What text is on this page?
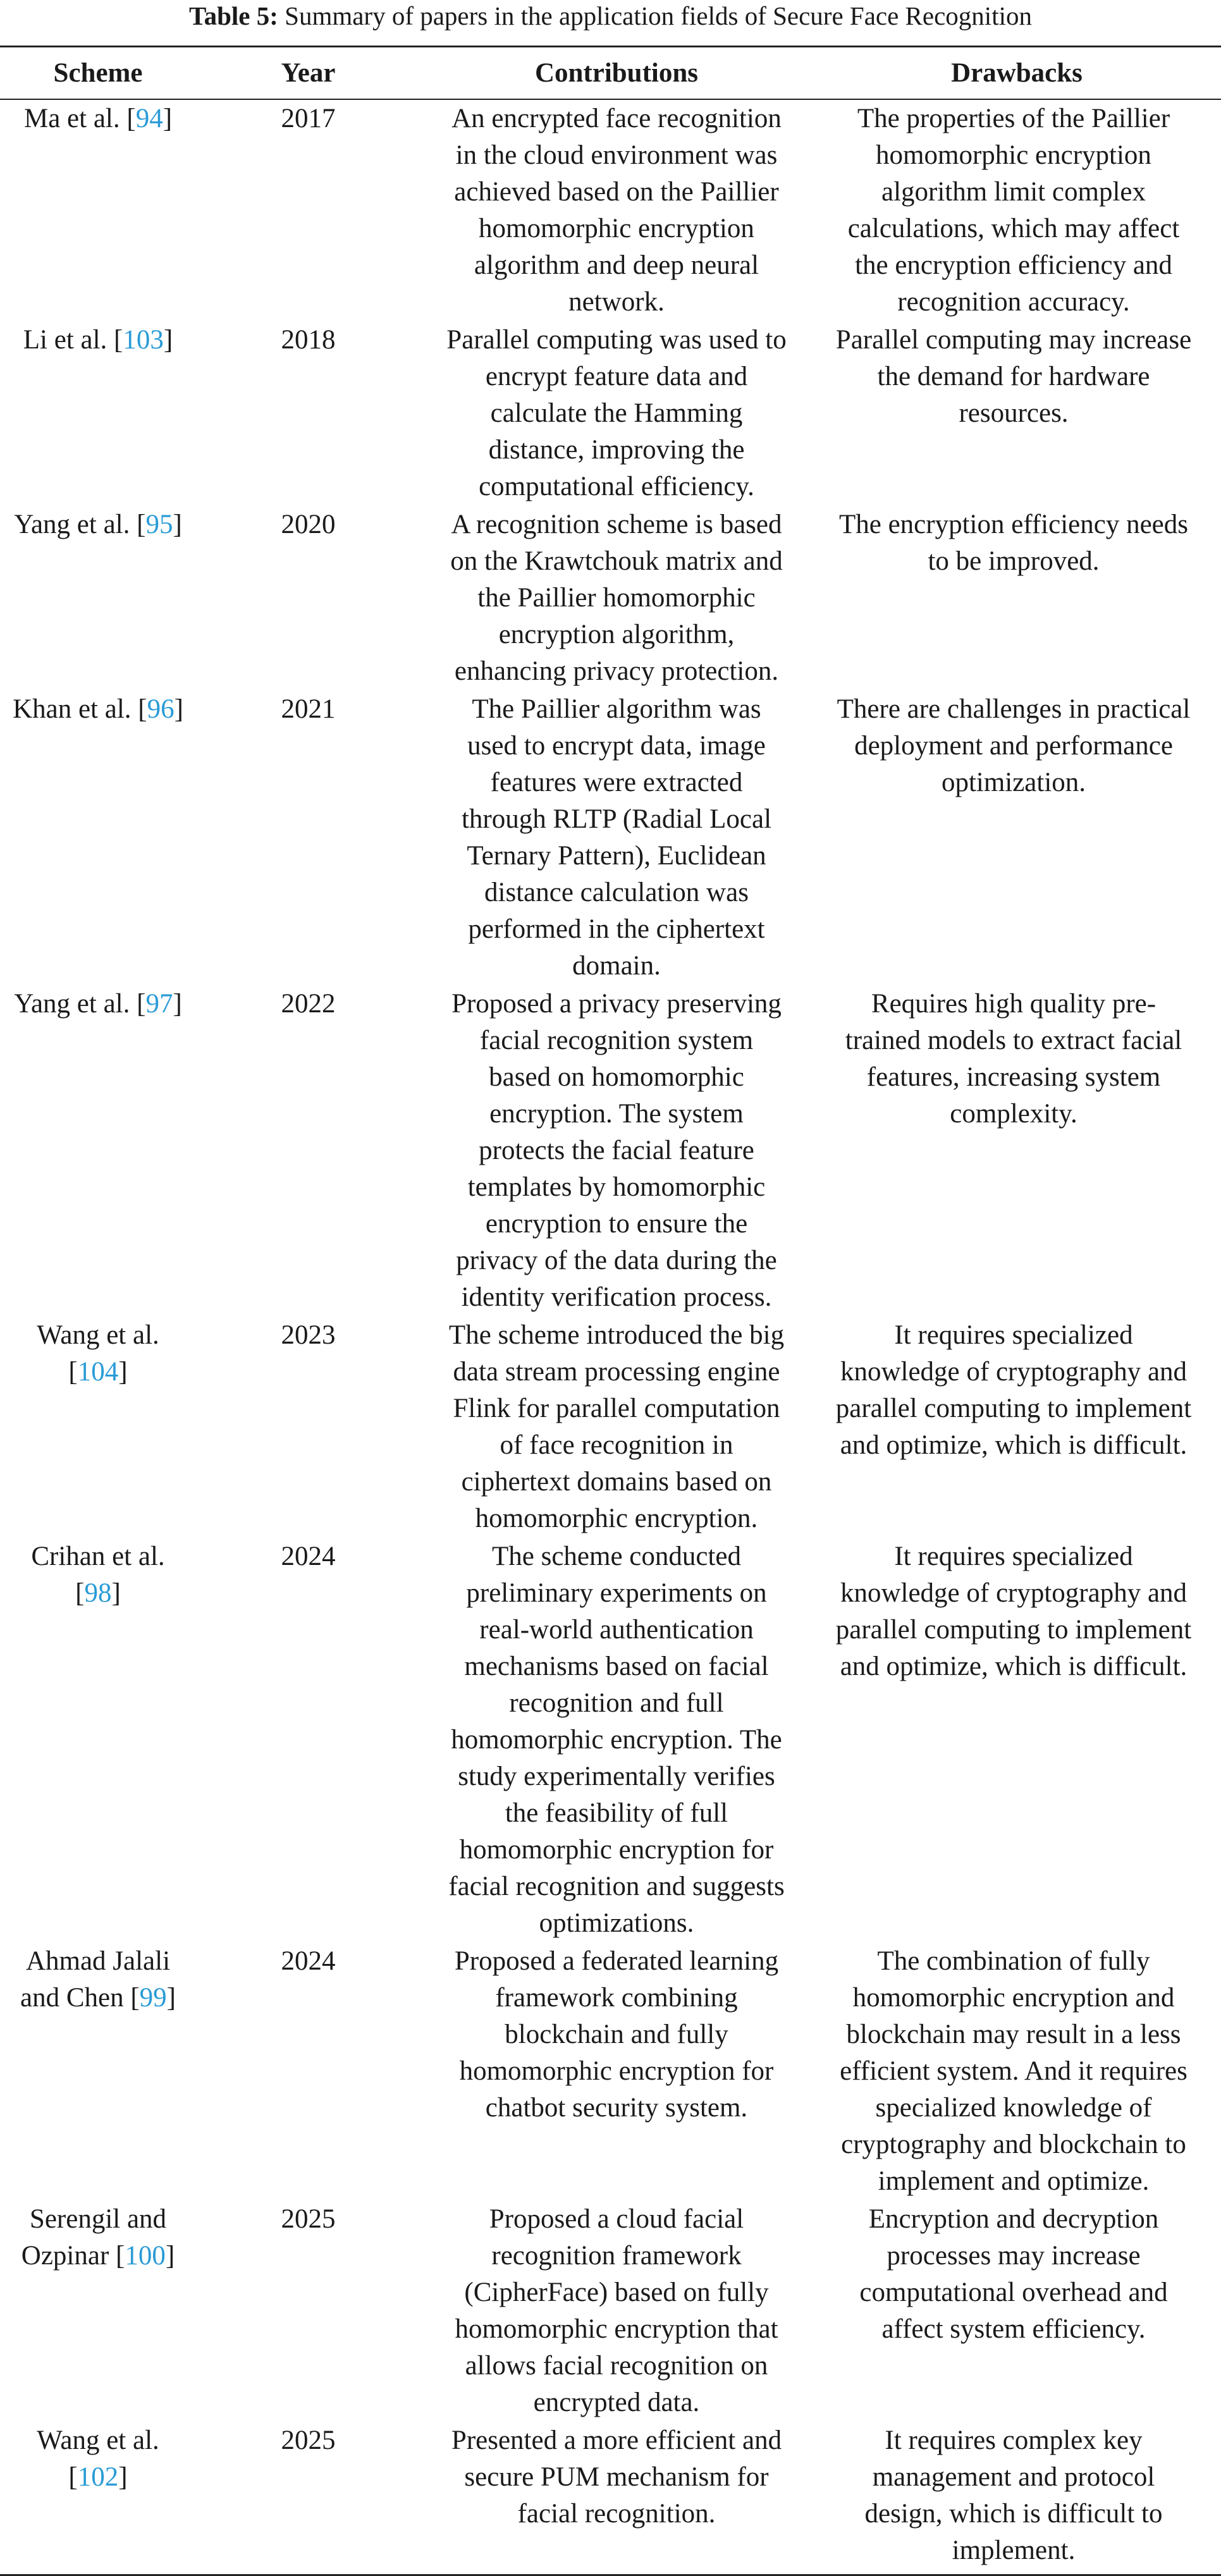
Table 5: Summary of papers in the application fields of Secure Face Recognition
Scheme	Year	Contributions	Drawbacks
Ma et al. [94]	2017	An encrypted face recognition in the cloud environment was achieved based on the Paillier homomorphic encryption algorithm and deep neural network.	The properties of the Paillier homomorphic encryption algorithm limit complex calculations, which may affect the encryption efficiency and recognition accuracy.
Li et al. [103]	2018	Parallel computing was used to encrypt feature data and calculate the Hamming distance, improving the computational efficiency.	Parallel computing may increase the demand for hardware resources.
Yang et al. [95]	2020	A recognition scheme is based on the Krawtchouk matrix and the Paillier homomorphic encryption algorithm, enhancing privacy protection.	The encryption efficiency needs to be improved.
Khan et al. [96]	2021	The Paillier algorithm was used to encrypt data, image features were extracted through RLTP (Radial Local Ternary Pattern), Euclidean distance calculation was performed in the ciphertext domain.	There are challenges in practical deployment and performance optimization.
Yang et al. [97]	2022	Proposed a privacy preserving facial recognition system based on homomorphic encryption. The system protects the facial feature templates by homomorphic encryption to ensure the privacy of the data during the identity verification process.	Requires high quality pre-trained models to extract facial features, increasing system complexity.
Wang et al. [104]	2023	The scheme introduced the big data stream processing engine Flink for parallel computation of face recognition in ciphertext domains based on homomorphic encryption.	It requires specialized knowledge of cryptography and parallel computing to implement and optimize, which is difficult.
Crihan et al. [98]	2024	The scheme conducted preliminary experiments on real-world authentication mechanisms based on facial recognition and full homomorphic encryption. The study experimentally verifies the feasibility of full homomorphic encryption for facial recognition and suggests optimizations.	It requires specialized knowledge of cryptography and parallel computing to implement and optimize, which is difficult.
Ahmad Jalali and Chen [99]	2024	Proposed a federated learning framework combining blockchain and fully homomorphic encryption for chatbot security system.	The combination of fully homomorphic encryption and blockchain may result in a less efficient system. And it requires specialized knowledge of cryptography and blockchain to implement and optimize.
Serengil and Ozpinar [100]	2025	Proposed a cloud facial recognition framework (CipherFace) based on fully homomorphic encryption that allows facial recognition on encrypted data.	Encryption and decryption processes may increase computational overhead and affect system efficiency.
Wang et al. [102]	2025	Presented a more efficient and secure PUM mechanism for facial recognition.	It requires complex key management and protocol design, which is difficult to implement.
